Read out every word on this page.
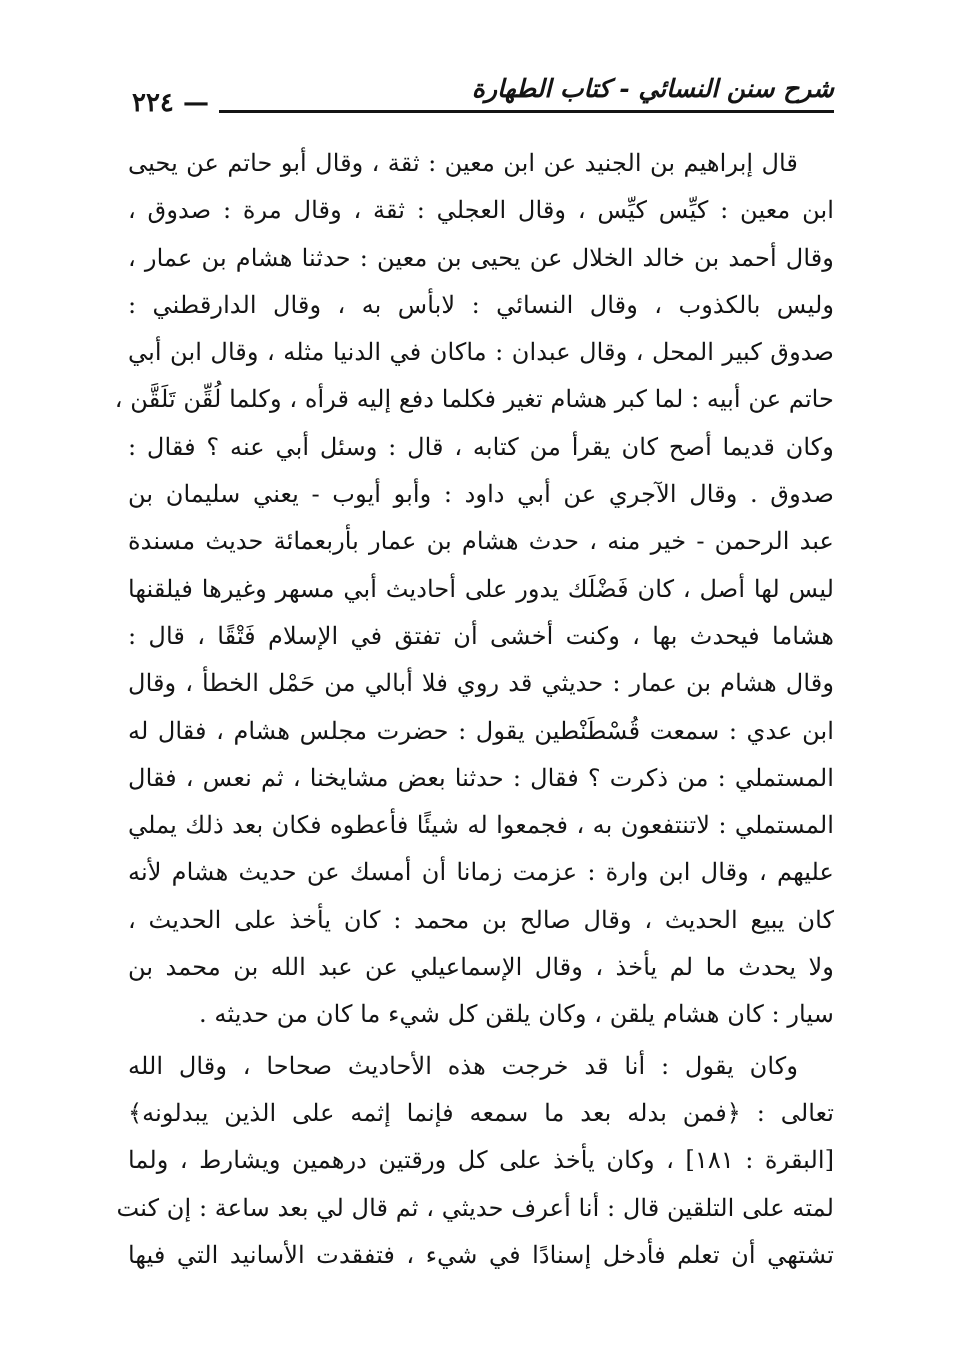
شرح سنن النسائي - كتاب الطهارة
— ٢٢٤
قال إبراهيم بن الجنيد عن ابن معين : ثقة ، وقال أبو حاتم عن يحيى
ابن معين : كيِّس كيِّس ، وقال العجلي : ثقة ، وقال مرة : صدوق ،
وقال أحمد بن خالد الخلال عن يحيى بن معين : حدثنا هشام بن عمار ،
وليس بالكذوب ، وقال النسائي : لابأس به ، وقال الدارقطني :
صدوق كبير المحل ، وقال عبدان : ماكان في الدنيا مثله ، وقال ابن أبي
حاتم عن أبيه : لما كبر هشام تغير فكلما دفع إليه قرأه ، وكلما لُقِّن تَلَقَّن ،
وكان قديما أصح كان يقرأ من كتابه ، قال : وسئل أبي عنه ؟ فقال :
صدوق . وقال الآجري عن أبي داود : وأبو أيوب - يعني سليمان بن
عبد الرحمن - خير منه ، حدث هشام بن عمار بأربعمائة حديث مسندة
ليس لها أصل ، كان فَضْلَك يدور على أحاديث أبي مسهر وغيرها فيلقنها
هشاما فيحدث بها ، وكنت أخشى أن تفتق في الإسلام فَتْقًا ، قال :
وقال هشام بن عمار : حديثي قد روي فلا أبالي من حَمْل الخطأ ، وقال
ابن عدي : سمعت قُسْطَنْطين يقول : حضرت مجلس هشام ، فقال له
المستملي : من ذكرت ؟ فقال : حدثنا بعض مشايخنا ، ثم نعس ، فقال
المستملي : لاتنتفعون به ، فجمعوا له شيئًا فأعطوه فكان بعد ذلك يملي
عليهم ، وقال ابن وارة : عزمت زمانا أن أمسك عن حديث هشام لأنه
كان يبيع الحديث ، وقال صالح بن محمد : كان يأخذ على الحديث ،
ولا يحدث ما لم يأخذ ، وقال الإسماعيلي عن عبد الله بن محمد بن
سيار : كان هشام يلقن ، وكان يلقن كل شيء ما كان من حديثه .
وكان يقول : أنا قد خرجت هذه الأحاديث صحاحا ، وقال الله
تعالى : ﴿فمن بدله بعد ما سمعه فإنما إثمه على الذين يبدلونه﴾
[البقرة : ١٨١] ، وكان يأخذ على كل ورقتين درهمين ويشارط ، ولما
لمته على التلقين قال : أنا أعرف حديثي ، ثم قال لي بعد ساعة : إن كنت
تشتهي أن تعلم فأدخل إسنادًا في شيء ، فتفقدت الأسانيد التي فيها
